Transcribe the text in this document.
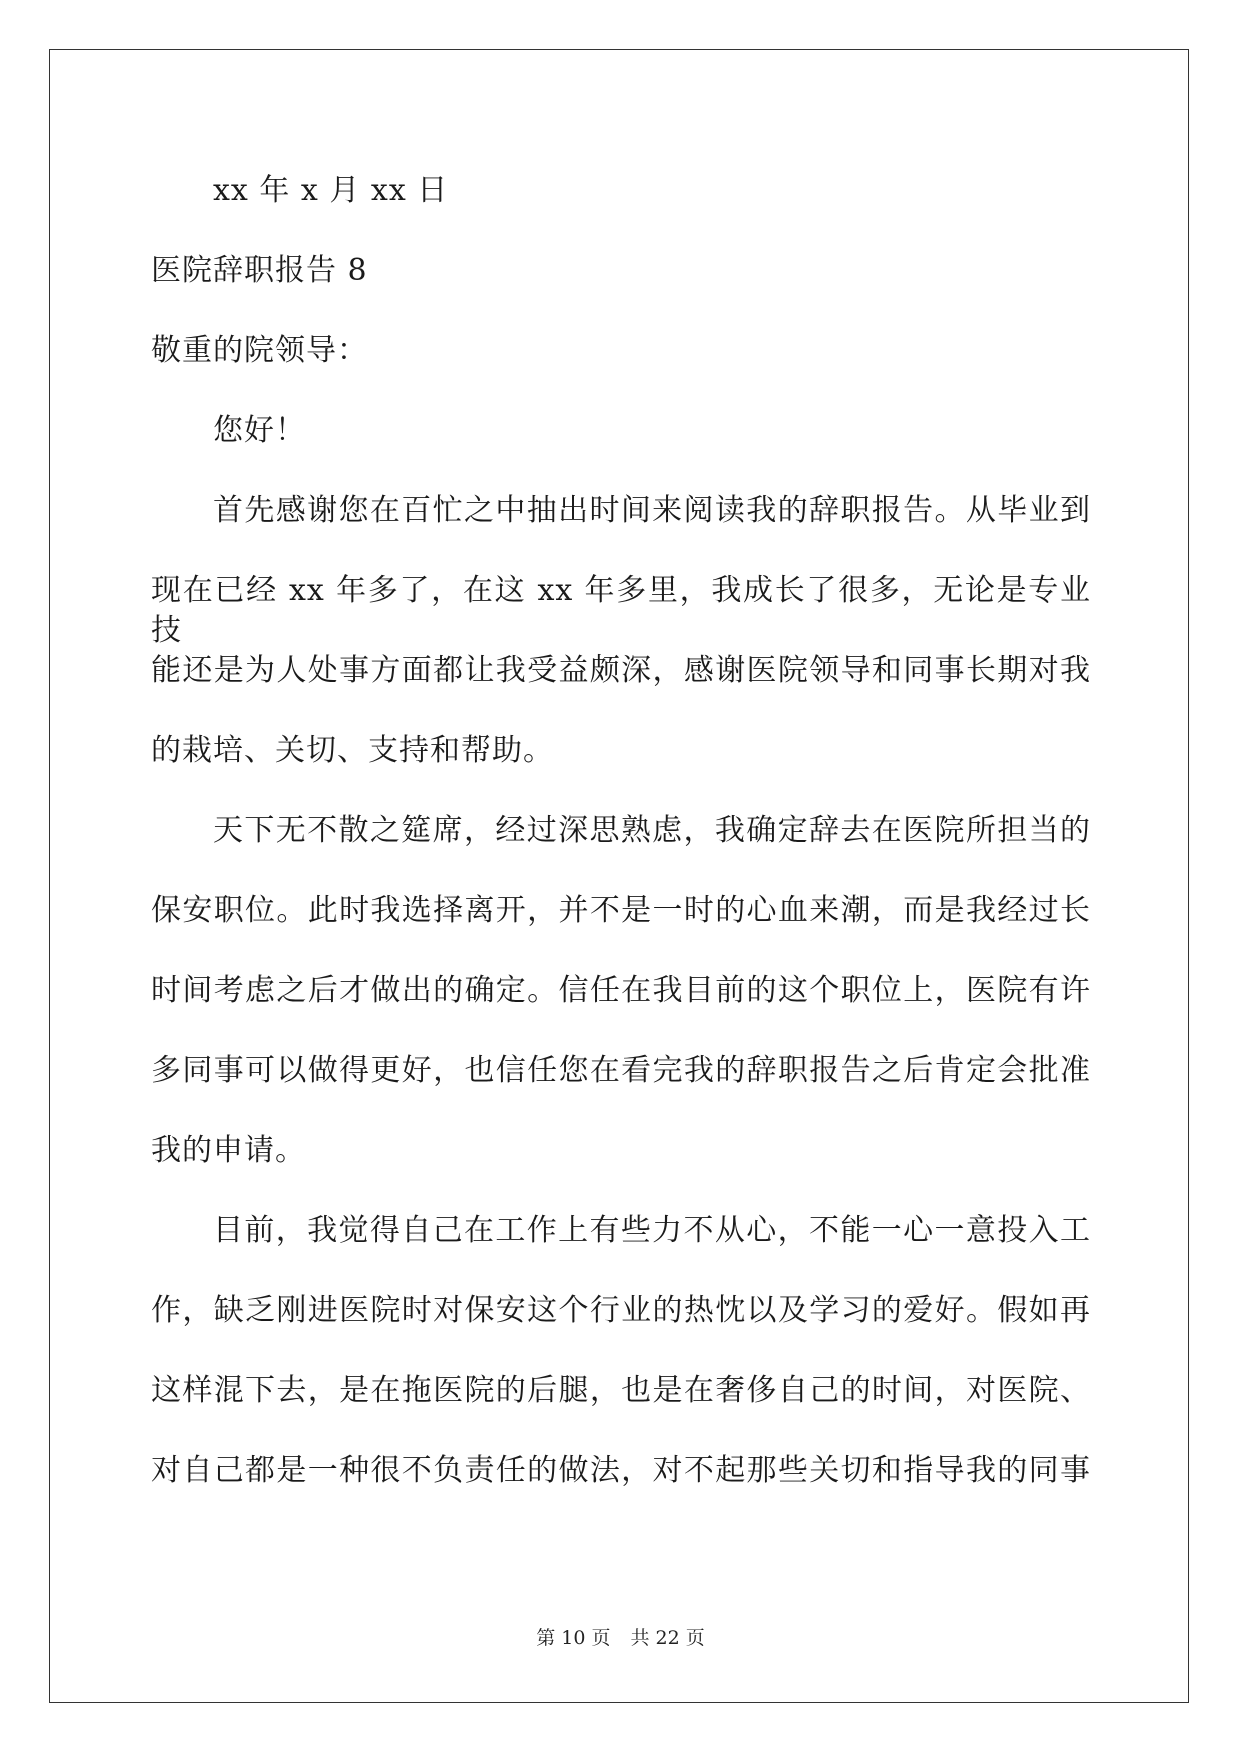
xx 年 x 月 xx 日
医院辞职报告 8
敬重的院领导：
您好！
首先感谢您在百忙之中抽出时间来阅读我的辞职报告。从毕业到
现在已经 xx 年多了，在这 xx 年多里，我成长了很多，无论是专业技
能还是为人处事方面都让我受益颇深，感谢医院领导和同事长期对我
的栽培、关切、支持和帮助。
天下无不散之筵席，经过深思熟虑，我确定辞去在医院所担当的
保安职位。此时我选择离开，并不是一时的心血来潮，而是我经过长
时间考虑之后才做出的确定。信任在我目前的这个职位上，医院有许
多同事可以做得更好，也信任您在看完我的辞职报告之后肯定会批准
我的申请。
目前，我觉得自己在工作上有些力不从心，不能一心一意投入工
作，缺乏刚进医院时对保安这个行业的热忱以及学习的爱好。假如再
这样混下去，是在拖医院的后腿，也是在奢侈自己的时间，对医院、
对自己都是一种很不负责任的做法，对不起那些关切和指导我的同事
第 10 页 共 22 页
